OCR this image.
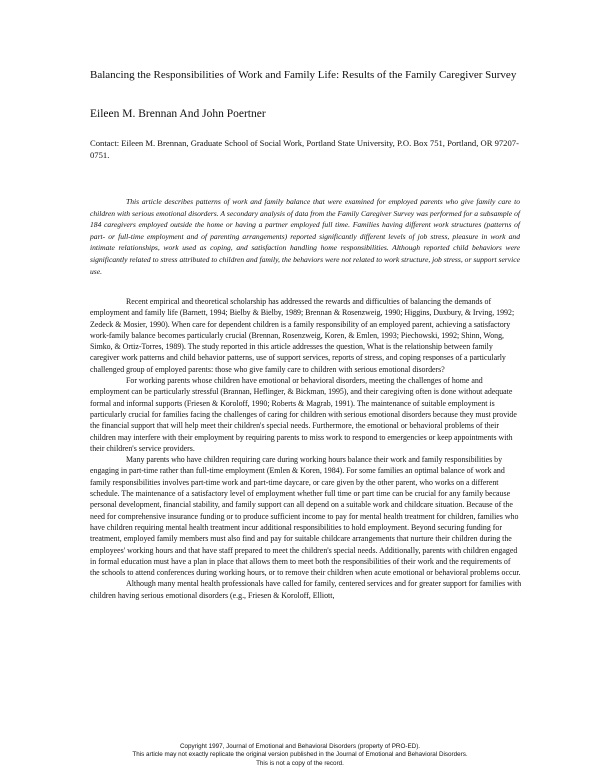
Balancing the Responsibilities of Work and Family Life: Results of the Family Caregiver Survey
Eileen M. Brennan And John Poertner
Contact: Eileen M. Brennan, Graduate School of Social Work, Portland State University, P.O. Box 751, Portland, OR 97207-0751.
This article describes patterns of work and family balance that were examined for employed parents who give family care to children with serious emotional disorders. A secondary analysis of data from the Family Caregiver Survey was performed for a subsample of 184 caregivers employed outside the home or having a partner employed full time. Families having different work structures (patterns of part- or full-time employment and of parenting arrangements) reported significantly different levels of job stress, pleasure in work and intimate relationships, work used as coping, and satisfaction handling home responsibilities. Although reported child behaviors were significantly related to stress attributed to children and family, the behaviors were not related to work structure, job stress, or support service use.

Recent empirical and theoretical scholarship has addressed the rewards and difficulties of balancing the demands of employment and family life (Barnett, 1994; Bielby & Bielby, 1989; Brennan & Rosenzweig, 1990; Higgins, Duxbury, & Irving, 1992; Zedeck & Mosier, 1990). When care for dependent children is a family responsibility of an employed parent, achieving a satisfactory work-family balance becomes particularly crucial (Brennan, Rosenzweig, Koren, & Emlen, 1993; Piechowski, 1992; Shinn, Wong, Simko, & Ortiz-Torres, 1989). The study reported in this article addresses the question, What is the relationship between family caregiver work patterns and child behavior patterns, use of support services, reports of stress, and coping responses of a particularly challenged group of employed parents: those who give family care to children with serious emotional disorders?

For working parents whose children have emotional or behavioral disorders, meeting the challenges of home and employment can be particularly stressful (Brannan, Heflinger, & Bickman, 1995), and their caregiving often is done without adequate formal and informal supports (Friesen & Koroloff, 1990; Roberts & Magrab, 1991). The maintenance of suitable employment is particularly crucial for families facing the challenges of caring for children with serious emotional disorders because they must provide the financial support that will help meet their children's special needs. Furthermore, the emotional or behavioral problems of their children may interfere with their employment by requiring parents to miss work to respond to emergencies or keep appointments with their children's service providers.

Many parents who have children requiring care during working hours balance their work and family responsibilities by engaging in part-time rather than full-time employment (Emlen & Koren, 1984). For some families an optimal balance of work and family responsibilities involves part-time work and part-time daycare, or care given by the other parent, who works on a different schedule. The maintenance of a satisfactory level of employment whether full time or part time can be crucial for any family because personal development, financial stability, and family support can all depend on a suitable work and childcare situation. Because of the need for comprehensive insurance funding or to produce sufficient income to pay for mental health treatment for children, families who have children requiring mental health treatment incur additional responsibilities to hold employment. Beyond securing funding for treatment, employed family members must also find and pay for suitable childcare arrangements that nurture their children during the employees' working hours and that have staff prepared to meet the children's special needs. Additionally, parents with children engaged in formal education must have a plan in place that allows them to meet both the responsibilities of their work and the requirements of the schools to attend conferences during working hours, or to remove their children when acute emotional or behavioral problems occur.

Although many mental health professionals have called for family, centered services and for greater support for families with children having serious emotional disorders (e.g., Friesen & Koroloff, Elliott,

Copyright 1997, Journal of Emotional and Behavioral Disorders (property of PRO-ED).
This article may not exactly replicate the original version published in the Journal of Emotional and Behavioral Disorders.
This is not a copy of the record.
